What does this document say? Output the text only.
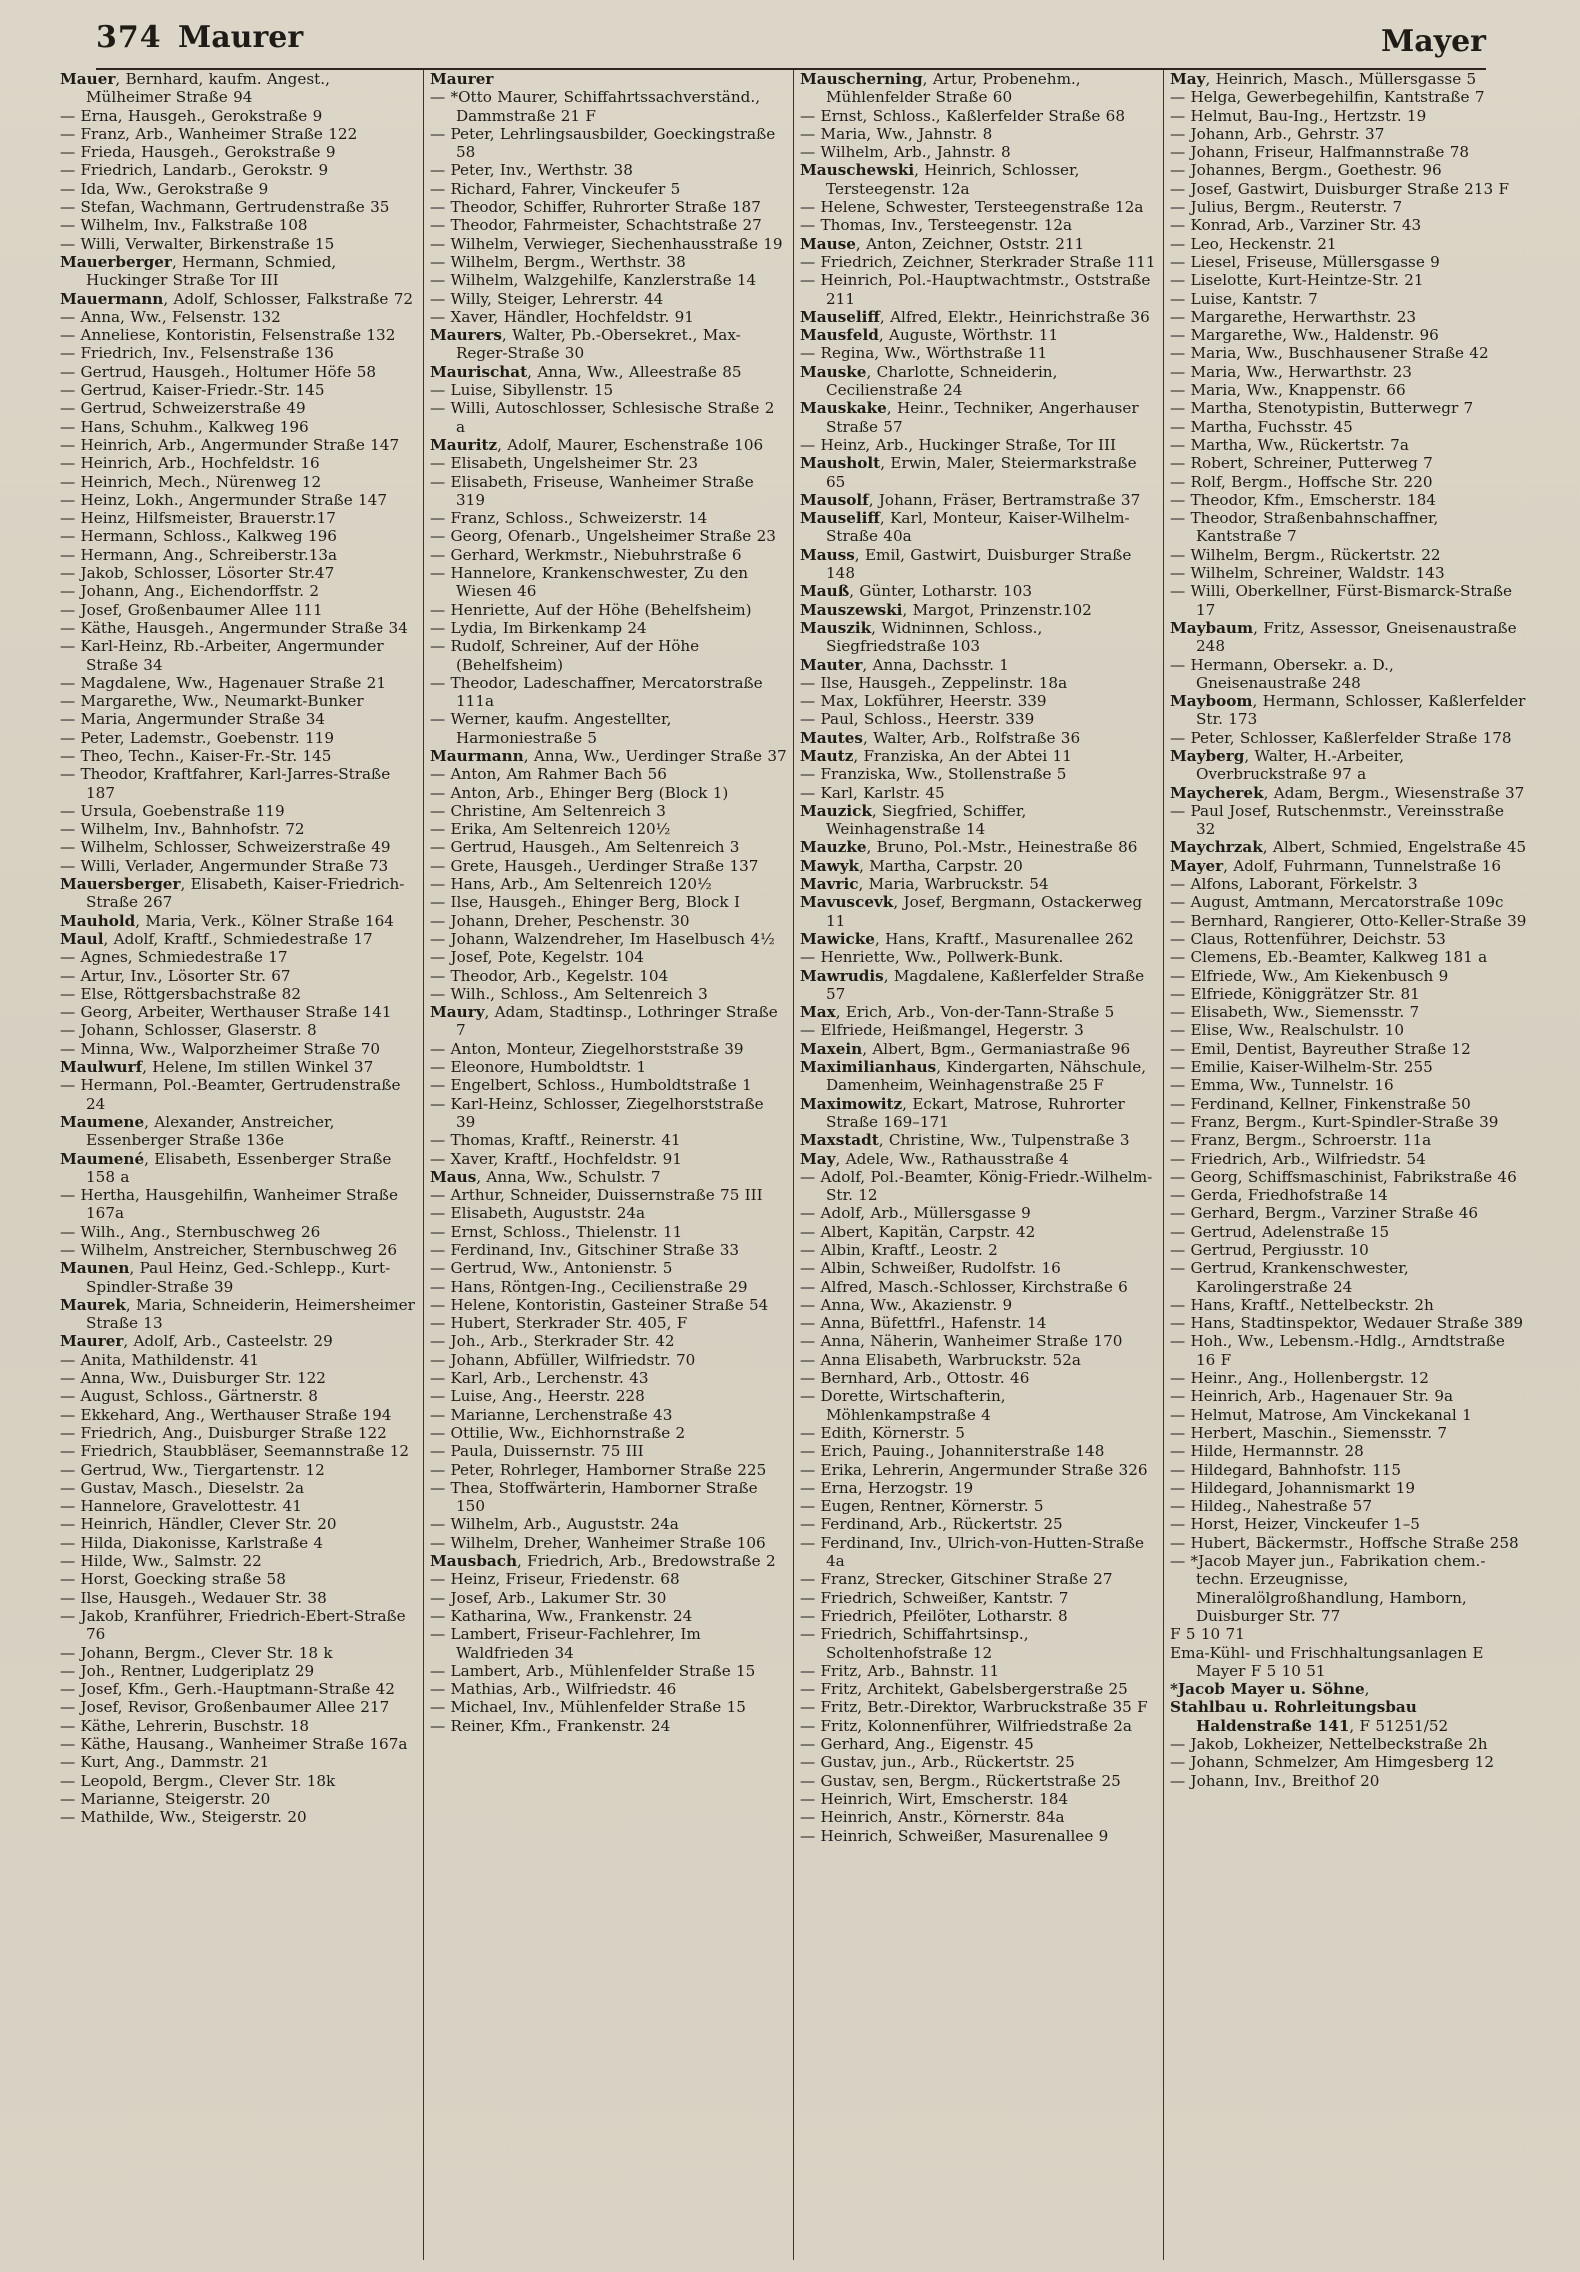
374 Maurer	Mayer
Mauer, Bernhard, kaufm. Angest., Mülheimer Straße 94
— Erna, Hausgeh., Gerokstraße 9
— Franz, Arb., Wanheimer Straße 122
— Frieda, Hausgeh., Gerokstraße 9
— Friedrich, Landarb., Gerokstr. 9
— Ida, Ww., Gerokstraße 9
— Stefan, Wachmann, Gertrudenstraße 35
— Wilhelm, Inv., Falkstraße 108
— Willi, Verwalter, Birkenstraße 15
Mauerberger, Hermann, Schmied, Huckinger Straße Tor III
Mauermann, Adolf, Schlosser, Falkstraße 72
— Anna, Ww., Felsenstr. 132
— Anneliese, Kontoristin, Felsenstraße 132
— Friedrich, Inv., Felsenstraße 136
— Gertrud, Hausgeh., Holtumer Höfe 58
— Gertrud, Kaiser-Friedr.-Str. 145
— Gertrud, Schweizerstraße 49
— Hans, Schuhm., Kalkweg 196
— Heinrich, Arb., Angermunder Straße 147
— Heinrich, Arb., Hochfeldstr. 16
— Heinrich, Mech., Nürenweg 12
— Heinz, Lokh., Angermunder Straße 147
— Heinz, Hilfsmeister, Brauerstr.17
— Hermann, Schloss., Kalkweg 196
— Hermann, Ang., Schreiberstr.13a
— Jakob, Schlosser, Lösorter Str.47
— Johann, Ang., Eichendorffstr. 2
— Josef, Großenbaumer Allee 111
— Käthe, Hausgeh., Angermunder Straße 34
— Karl-Heinz, Rb.-Arbeiter, Angermunder Straße 34
— Magdalene, Ww., Hagenauer Straße 21
— Margarethe, Ww., Neumarkt-Bunker
— Maria, Angermunder Straße 34
— Peter, Lademstr., Goebenstr. 119
— Theo, Techn., Kaiser-Fr.-Str. 145
— Theodor, Kraftfahrer, Karl-Jarres-Straße 187
— Ursula, Goebenstraße 119
— Wilhelm, Inv., Bahnhofstr. 72
— Wilhelm, Schlosser, Schweizerstraße 49
— Willi, Verlader, Angermunder Straße 73
Mauersberger, Elisabeth, Kaiser-Friedrich-Straße 267
Mauhold, Maria, Verk., Kölner Straße 164
Maul, Adolf, Kraftf., Schmiedestraße 17
— Agnes, Schmiedestraße 17
— Artur, Inv., Lösorter Str. 67
— Else, Röttgersbachstraße 82
— Georg, Arbeiter, Werthauser Straße 141
— Johann, Schlosser, Glaserstr. 8
— Minna, Ww., Walporzheimer Straße 70
Maulwurf, Helene, Im stillen Winkel 37
— Hermann, Pol.-Beamter, Gertrudenstraße 24
Maumene, Alexander, Anstreicher, Essenberger Straße 136e
Maumené, Elisabeth, Essenberger Straße 158 a
— Hertha, Hausgehilfin, Wanheimer Straße 167a
— Wilh., Ang., Sternbuschweg 26
— Wilhelm, Anstreicher, Sternbuschweg 26
Maunen, Paul Heinz, Ged.-Schlepp., Kurt-Spindler-Straße 39
Maurek, Maria, Schneiderin, Heimersheimer Straße 13
Maurer, Adolf, Arb., Casteelstr. 29
— Anita, Mathildenstr. 41
— Anna, Ww., Duisburger Str. 122
— August, Schloss., Gärtnerstr. 8
— Ekkehard, Ang., Werthauser Straße 194
— Friedrich, Ang., Duisburger Straße 122
— Friedrich, Staubbläser, Seemannstraße 12
— Gertrud, Ww., Tiergartenstr. 12
— Gustav, Masch., Dieselstr. 2a
— Hannelore, Gravelottestr. 41
— Heinrich, Händler, Clever Str. 20
— Hilda, Diakonisse, Karlstraße 4
— Hilde, Ww., Salmstr. 22
— Horst, Goecking straße 58
— Ilse, Hausgeh., Wedauer Str. 38
— Jakob, Kranführer, Friedrich-Ebert-Straße 76
— Johann, Bergm., Clever Str. 18 k
— Joh., Rentner, Ludgeriplatz 29
— Josef, Kfm., Gerh.-Hauptmann-Straße 42
— Josef, Revisor, Großenbaumer Allee 217
— Käthe, Lehrerin, Buschstr. 18
— Käthe, Hausang., Wanheimer Straße 167a
— Kurt, Ang., Dammstr. 21
— Leopold, Bergm., Clever Str. 18k
— Marianne, Steigerstr. 20
— Mathilde, Ww., Steigerstr. 20
Maurer
— *Otto Maurer, Schiffahrtssachverständ., Dammstraße 21 F
— Peter, Lehrlingsausbilder, Goeckingstraße 58
— Peter, Inv., Werthstr. 38
— Richard, Fahrer, Vinckeufer 5
— Theodor, Schiffer, Ruhrorter Straße 187
— Theodor, Fahrmeister, Schachtstraße 27
— Wilhelm, Verwieger, Siechenhausstraße 19
— Wilhelm, Bergm., Werthstr. 38
— Wilhelm, Walzgehilfe, Kanzlerstraße 14
— Willy, Steiger, Lehrerstr. 44
— Xaver, Händler, Hochfeldstr. 91
Maurers, Walter, Pb.-Obersekret., Max-Reger-Straße 30
Maurischat, Anna, Ww., Alleestraße 85
— Luise, Sibyllenstr. 15
— Willi, Autoschlosser, Schlesische Straße 2 a
Mauritz, Adolf, Maurer, Eschenstraße 106
— Elisabeth, Ungelsheimer Str. 23
— Elisabeth, Friseuse, Wanheimer Straße 319
— Franz, Schloss., Schweizerstr. 14
— Georg, Ofenarb., Ungelsheimer Straße 23
— Gerhard, Werkmstr., Niebuhrstraße 6
— Hannelore, Krankenschwester, Zu den Wiesen 46
— Henriette, Auf der Höhe (Behelfsheim)
— Lydia, Im Birkenkamp 24
— Rudolf, Schreiner, Auf der Höhe (Behelfsheim)
— Theodor, Ladeschaffner, Mercatorstraße 111a
— Werner, kaufm. Angestellter, Harmoniestraße 5
Maurmann, Anna, Ww., Uerdinger Straße 37
— Anton, Am Rahmer Bach 56
— Anton, Arb., Ehinger Berg (Block 1)
— Christine, Am Seltenreich 3
— Erika, Am Seltenreich 120½
— Gertrud, Hausgeh., Am Seltenreich 3
— Grete, Hausgeh., Uerdinger Straße 137
— Hans, Arb., Am Seltenreich 120½
— Ilse, Hausgeh., Ehinger Berg, Block I
— Johann, Dreher, Peschenstr. 30
— Johann, Walzendreher, Im Haselbusch 4½
— Josef, Pote, Kegelstr. 104
— Theodor, Arb., Kegelstr. 104
— Wilh., Schloss., Am Seltenreich 3
Maury, Adam, Stadtinsp., Lothringer Straße 7
— Anton, Monteur, Ziegelhorststraße 39
— Eleonore, Humboldtstr. 1
— Engelbert, Schloss., Humboldtstraße 1
— Karl-Heinz, Schlosser, Ziegelhorststraße 39
— Thomas, Kraftf., Reinerstr. 41
— Xaver, Kraftf., Hochfeldstr. 91
Maus, Anna, Ww., Schulstr. 7
— Arthur, Schneider, Duissernstraße 75 III
— Elisabeth, Auguststr. 24a
— Ernst, Schloss., Thielenstr. 11
— Ferdinand, Inv., Gitschiner Straße 33
— Gertrud, Ww., Antonienstr. 5
— Hans, Röntgen-Ing., Cecilienstraße 29
— Helene, Kontoristin, Gasteiner Straße 54
— Hubert, Sterkrader Str. 405, F
— Joh., Arb., Sterkrader Str. 42
— Johann, Abfüller, Wilfriedstr. 70
— Karl, Arb., Lerchenstr. 43
— Luise, Ang., Heerstr. 228
— Marianne, Lerchenstraße 43
— Ottilie, Ww., Eichhornstraße 2
— Paula, Duissernstr. 75 III
— Peter, Rohrleger, Hamborner Straße 225
— Thea, Stoffwärterin, Hamborner Straße 150
— Wilhelm, Arb., Auguststr. 24a
— Wilhelm, Dreher, Wanheimer Straße 106
Mausbach, Friedrich, Arb., Bredowstraße 2
— Heinz, Friseur, Friedenstr. 68
— Josef, Arb., Lakumer Str. 30
— Katharina, Ww., Frankenstr. 24
— Lambert, Friseur-Fachlehrer, Im Waldfrieden 34
— Lambert, Arb., Mühlenfelder Straße 15
— Mathias, Arb., Wilfriedstr. 46
— Michael, Inv., Mühlenfelder Straße 15
— Reiner, Kfm., Frankenstr. 24
Mauscherning, Artur, Probenehm., Mühlenfelder Straße 60
— Ernst, Schloss., Kaßlerfelder Straße 68
— Maria, Ww., Jahnstr. 8
— Wilhelm, Arb., Jahnstr. 8
Mauschewski, Heinrich, Schlosser, Tersteegenstr. 12a
— Helene, Schwester, Tersteegenstraße 12a
— Thomas, Inv., Tersteegenstr. 12a
Mause, Anton, Zeichner, Oststr. 211
— Friedrich, Zeichner, Sterkrader Straße 111
— Heinrich, Pol.-Hauptwachtmstr., Oststraße 211
Mauseliff, Alfred, Elektr., Heinrichstraße 36
Mausfeld, Auguste, Wörthstr. 11
— Regina, Ww., Wörthstraße 11
Mauske, Charlotte, Schneiderin, Cecilienstraße 24
Mauskake, Heinr., Techniker, Angerhauser Straße 57
— Heinz, Arb., Huckinger Straße, Tor III
Mausholt, Erwin, Maler, Steiermarkstraße 65
Mausolf, Johann, Fräser, Bertramstraße 37
Mauseliff, Karl, Monteur, Kaiser-Wilhelm-Straße 40a
Mauss, Emil, Gastwirt, Duisburger Straße 148
Mauß, Günter, Lotharstr. 103
Mauszewski, Margot, Prinzenstr.102
Mauszik, Widninnen, Schloss., Siegfriedstraße 103
Mauter, Anna, Dachsstr. 1
— Ilse, Hausgeh., Zeppelinstr. 18a
— Max, Lokführer, Heerstr. 339
— Paul, Schloss., Heerstr. 339
Mautes, Walter, Arb., Rolfstraße 36
Mautz, Franziska, An der Abtei 11
— Franziska, Ww., Stollenstraße 5
— Karl, Karlstr. 45
Mauzick, Siegfried, Schiffer, Weinhagenstraße 14
Mauzke, Bruno, Pol.-Mstr., Heinestraße 86
Mawyk, Martha, Carpstr. 20
Mavric, Maria, Warbruckstr. 54
Mavuscevk, Josef, Bergmann, Ostackerweg 11
Mawicke, Hans, Kraftf., Masurenallee 262
— Henriette, Ww., Pollwerk-Bunk.
Mawrudis, Magdalene, Kaßlerfelder Straße 57
Max, Erich, Arb., Von-der-Tann-Straße 5
— Elfriede, Heißmangel, Hegerstr. 3
Maxein, Albert, Bgm., Germaniastraße 96
Maximilianhaus, Kindergarten, Nähschule, Damenheim, Weinhagenstraße 25 F
Maximowitz, Eckart, Matrose, Ruhrorter Straße 169–171
Maxstadt, Christine, Ww., Tulpenstraße 3
May, Adele, Ww., Rathausstraße 4
— Adolf, Pol.-Beamter, König-Friedr.-Wilhelm-Str. 12
— Adolf, Arb., Müllersgasse 9
— Albert, Kapitän, Carpstr. 42
— Albin, Kraftf., Leostr. 2
— Albin, Schweißer, Rudolfstr. 16
— Alfred, Masch.-Schlosser, Kirchstraße 6
— Anna, Ww., Akazienstr. 9
— Anna, Büfettfrl., Hafenstr. 14
— Anna, Näherin, Wanheimer Straße 170
— Anna Elisabeth, Warbruckstr. 52a
— Bernhard, Arb., Ottostr. 46
— Dorette, Wirtschafterin, Möhlenkampstraße 4
— Edith, Körnerstr. 5
— Erich, Pauing., Johanniterstraße 148
— Erika, Lehrerin, Angermunder Straße 326
— Erna, Herzogstr. 19
— Eugen, Rentner, Körnerstr. 5
— Ferdinand, Arb., Rückertstr. 25
— Ferdinand, Inv., Ulrich-von-Hutten-Straße 4a
— Franz, Strecker, Gitschiner Straße 27
— Friedrich, Schweißer, Kantstr. 7
— Friedrich, Pfeilöter, Lotharstr. 8
— Friedrich, Schiffahrtsinsp., Scholtenhofstraße 12
— Fritz, Arb., Bahnstr. 11
— Fritz, Architekt, Gabelsbergerstraße 25
— Fritz, Betr.-Direktor, Warbruckstraße 35 F
— Fritz, Kolonnenführer, Wilfriedstraße 2a
— Gerhard, Ang., Eigenstr. 45
— Gustav, jun., Arb., Rückertstr. 25
— Gustav, sen, Bergm., Rückertstraße 25
— Heinrich, Wirt, Emscherstr. 184
— Heinrich, Anstr., Körnerstr. 84a
— Heinrich, Schweißer, Masurenallee 9
May, Heinrich, Masch., Müllersgasse 5
— Helga, Gewerbegehilfin, Kantstraße 7
— Helmut, Bau-Ing., Hertzstr. 19
— Johann, Arb., Gehrstr. 37
— Johann, Friseur, Halfmannstraße 78
— Johannes, Bergm., Goethestr. 96
— Josef, Gastwirt, Duisburger Straße 213 F
— Julius, Bergm., Reuterstr. 7
— Konrad, Arb., Varziner Str. 43
— Leo, Heckenstr. 21
— Liesel, Friseuse, Müllersgasse 9
— Liselotte, Kurt-Heintze-Str. 21
— Luise, Kantstr. 7
— Margarethe, Herwarthstr. 23
— Margarethe, Ww., Haldenstr. 96
— Maria, Ww., Buschhausener Straße 42
— Maria, Ww., Herwarthstr. 23
— Maria, Ww., Knappenstr. 66
— Martha, Stenotypistin, Butterwegr 7
— Martha, Fuchsstr. 45
— Martha, Ww., Rückertstr. 7a
— Robert, Schreiner, Putterweg 7
— Rolf, Bergm., Hoffsche Str. 220
— Theodor, Kfm., Emscherstr. 184
— Theodor, Straßenbahnschaffner, Kantstraße 7
— Wilhelm, Bergm., Rückertstr. 22
— Wilhelm, Schreiner, Waldstr. 143
— Willi, Oberkellner, Fürst-Bismarck-Straße 17
Maybaum, Fritz, Assessor, Gneisenaustraße 248
— Hermann, Obersekr. a. D., Gneisenaustraße 248
Mayboom, Hermann, Schlosser, Kaßlerfelder Str. 173
— Peter, Schlosser, Kaßlerfelder Straße 178
Mayberg, Walter, H.-Arbeiter, Overbruckstraße 97 a
Maycherek, Adam, Bergm., Wiesenstraße 37
— Paul Josef, Rutschenmstr., Vereinsstraße 32
Maychrzak, Albert, Schmied, Engelstraße 45
Mayer, Adolf, Fuhrmann, Tunnelstraße 16
— Alfons, Laborant, Förkelstr. 3
— August, Amtmann, Mercatorstraße 109c
— Bernhard, Rangierer, Otto-Keller-Straße 39
— Claus, Rottenführer, Deichstr. 53
— Clemens, Eb.-Beamter, Kalkweg 181 a
— Elfriede, Ww., Am Kiekenbusch 9
— Elfriede, Königgrätzer Str. 81
— Elisabeth, Ww., Siemensstr. 7
— Elise, Ww., Realschulstr. 10
— Emil, Dentist, Bayreuther Straße 12
— Emilie, Kaiser-Wilhelm-Str. 255
— Emma, Ww., Tunnelstr. 16
— Ferdinand, Kellner, Finkenstraße 50
— Franz, Bergm., Kurt-Spindler-Straße 39
— Franz, Bergm., Schroerstr. 11a
— Friedrich, Arb., Wilfriedstr. 54
— Georg, Schiffsmaschinist, Fabrikstraße 46
— Gerda, Friedhofstraße 14
— Gerhard, Bergm., Varziner Straße 46
— Gertrud, Adelenstraße 15
— Gertrud, Pergiusstr. 10
— Gertrud, Krankenschwester, Karolingerstraße 24
— Hans, Kraftf., Nettelbeckstr. 2h
— Hans, Stadtinspektor, Wedauer Straße 389
— Hoh., Ww., Lebensm.-Hdlg., Arndtstraße 16 F
— Heinr., Ang., Hollenbergstr. 12
— Heinrich, Arb., Hagenauer Str. 9a
— Helmut, Matrose, Am Vinckekanal 1
— Herbert, Maschin., Siemensstr. 7
— Hilde, Hermannstr. 28
— Hildegard, Bahnhofstr. 115
— Hildegard, Johannismarkt 19
— Hildeg., Nahestraße 57
— Horst, Heizer, Vinckeufer 1–5
— Hubert, Bäckermstr., Hoffsche Straße 258
— *Jacob Mayer jun., Fabrikation chem.-techn. Erzeugnisse, Mineralölgroßhandlung, Hamborn, Duisburger Str. 77
F 5 10 71
Ema-Kühl- und Frischhaltungsanlagen E Mayer F 5 10 51
*Jacob Mayer u. Söhne,
Stahlbau u. Rohrleitungsbau Haldenstraße 141, F 51251/52
— Jakob, Lokheizer, Nettelbeckstraße 2h
— Johann, Schmelzer, Am Himgesberg 12
— Johann, Inv., Breithof 20
